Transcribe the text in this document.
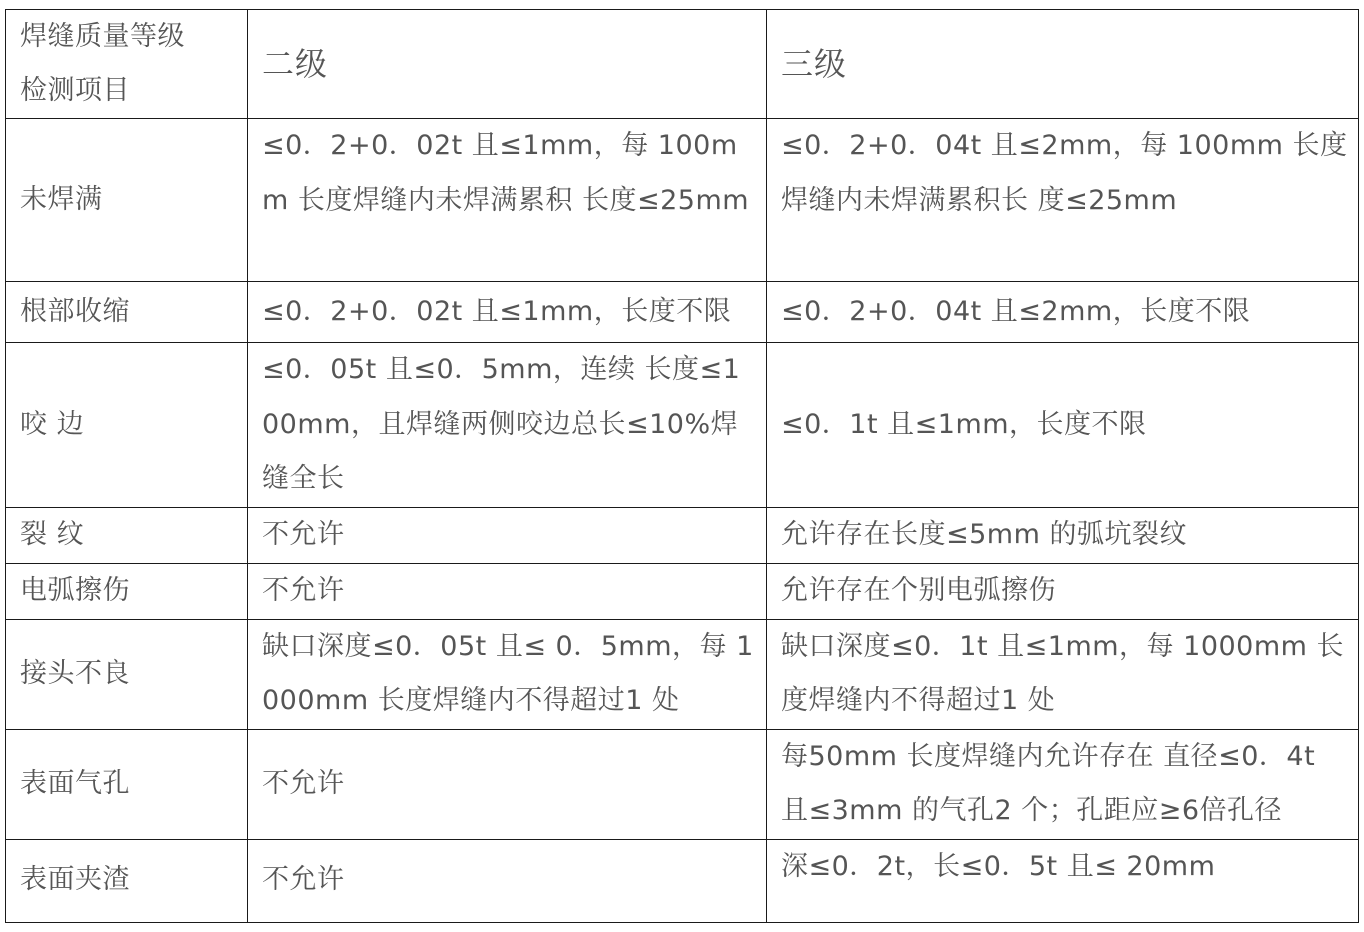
焊缝质量等级
检测项目	二级	三级
未焊满	≤0．2+0．02t 且≤1mm，每 100mm 长度焊缝内未焊满累积 长度≤25mm	≤0．2+0．04t 且≤2mm，每 100mm 长度焊缝内未焊满累积长 度≤25mm
根部收缩	≤0．2+0．02t 且≤1mm，长度不限	≤0．2+0．04t 且≤2mm，长度不限
咬 边	≤0．05t 且≤0．5mm，连续 长度≤100mm，且焊缝两侧咬边总长≤10%焊缝全长	≤0．1t 且≤1mm，长度不限
裂 纹	不允许	允许存在长度≤5mm 的弧坑裂纹
电弧擦伤	不允许	允许存在个别电弧擦伤
接头不良	缺口深度≤0．05t 且≤ 0．5mm，每 1000mm 长度焊缝内不得超过1 处	缺口深度≤0．1t 且≤1mm，每 1000mm 长度焊缝内不得超过1 处
表面气孔	不允许	每50mm 长度焊缝内允许存在 直径≤0．4t 且≤3mm 的气孔2 个；孔距应≥6倍孔径
表面夹渣	不允许	深≤0．2t，长≤0．5t 且≤ 20mm
